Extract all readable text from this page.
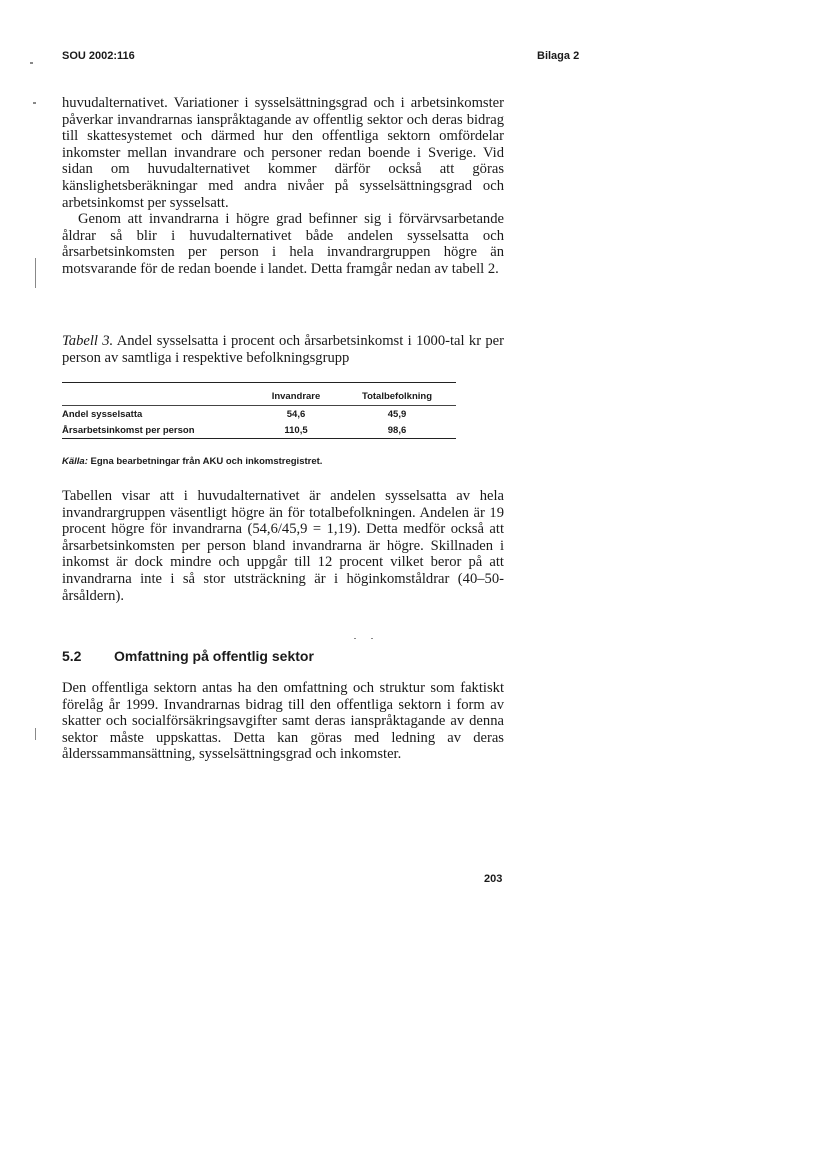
SOU 2002:116	Bilaga 2

huvudalternativet. Variationer i sysselsättningsgrad och i arbetsinkomster påverkar invandrarnas ianspråktagande av offentlig sektor och deras bidrag till skattesystemet och därmed hur den offentliga sektorn omfördelar inkomster mellan invandrare och personer redan boende i Sverige. Vid sidan om huvudalternativet kommer därför också att göras känslighetsberäkningar med andra nivåer på sysselsättningsgrad och arbetsinkomst per sysselsatt.

Genom att invandrarna i högre grad befinner sig i förvärvsarbetande åldrar så blir i huvudalternativet både andelen sysselsatta och årsarbetsinkomsten per person i hela invandrargruppen högre än motsvarande för de redan boende i landet. Detta framgår nedan av tabell 2.

Tabell 3. Andel sysselsatta i procent och årsarbetsinkomst i 1000-tal kr per person av samtliga i respektive befolkningsgrupp
Invandrare	Totalbefolkning
Andel sysselsatta	54,6	45,9
Årsarbetsinkomst per person	110,5	98,6
Källa: Egna bearbetningar från AKU och inkomstregistret.

Tabellen visar att i huvudalternativet är andelen sysselsatta av hela invandrargruppen väsentligt högre än för totalbefolkningen. Andelen är 19 procent högre för invandrarna (54,6/45,9 = 1,19). Detta medför också att årsarbetsinkomsten per person bland invandrarna är högre. Skillnaden i inkomst är dock mindre och uppgår till 12 procent vilket beror på att invandrarna inte i så stor utsträckning är i höginkomståldrar (40–50-årsåldern).

5.2 Omfattning på offentlig sektor

Den offentliga sektorn antas ha den omfattning och struktur som faktiskt förelåg år 1999. Invandrarnas bidrag till den offentliga sektorn i form av skatter och socialförsäkringsavgifter samt deras ianspråktagande av denna sektor måste uppskattas. Detta kan göras med ledning av deras ålderssammansättning, sysselsättningsgrad och inkomster.

203
